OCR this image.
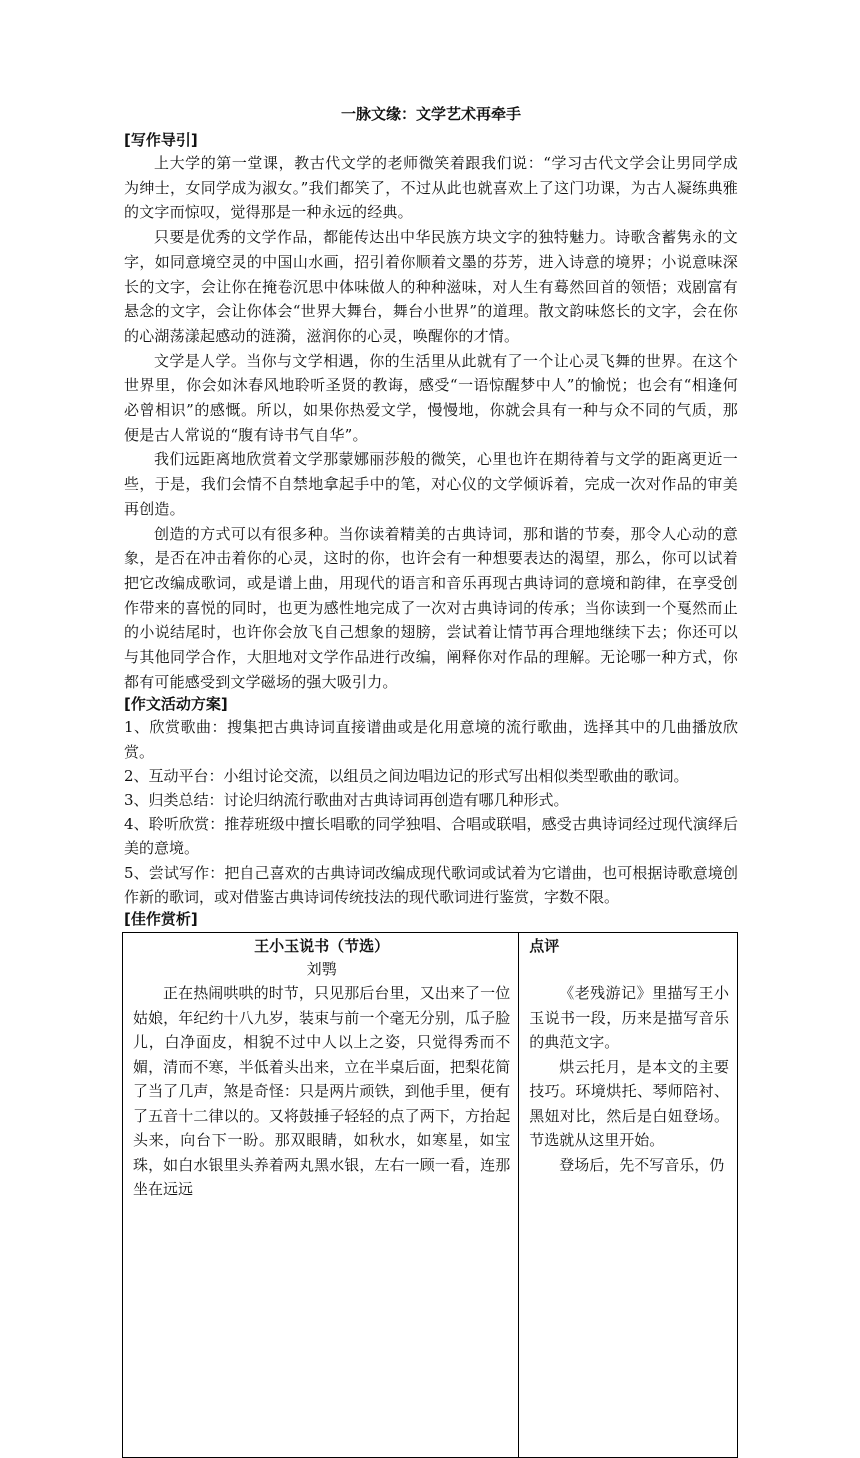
一脉文缘：文学艺术再牵手
[写作导引]

上大学的第一堂课，教古代文学的老师微笑着跟我们说：“学习古代文学会让男同学成为绅士，女同学成为淑女。”我们都笑了，不过从此也就喜欢上了这门功课，为古人凝练典雅的文字而惊叹，觉得那是一种永远的经典。

只要是优秀的文学作品，都能传达出中华民族方块文字的独特魅力。诗歌含蓄隽永的文字，如同意境空灵的中国山水画，招引着你顺着文墨的芬芳，进入诗意的境界；小说意味深长的文字，会让你在掩卷沉思中体味做人的种种滋味，对人生有蓦然回首的领悟；戏剧富有悬念的文字，会让你体会“世界大舞台，舞台小世界”的道理。散文韵味悠长的文字，会在你的心湖荡漾起感动的涟漪，滋润你的心灵，唤醒你的才情。

文学是人学。当你与文学相遇，你的生活里从此就有了一个让心灵飞舞的世界。在这个世界里，你会如沐春风地聆听圣贤的教诲，感受“一语惊醒梦中人”的愉悦；也会有“相逢何必曾相识”的感慨。所以，如果你热爱文学，慢慢地，你就会具有一种与众不同的气质，那便是古人常说的“腹有诗书气自华”。

我们远距离地欣赏着文学那蒙娜丽莎般的微笑，心里也许在期待着与文学的距离更近一些，于是，我们会情不自禁地拿起手中的笔，对心仪的文学倾诉着，完成一次对作品的审美再创造。

创造的方式可以有很多种。当你读着精美的古典诗词，那和谐的节奏，那令人心动的意象，是否在冲击着你的心灵，这时的你，也许会有一种想要表达的渴望，那么，你可以试着把它改编成歌词，或是谱上曲，用现代的语言和音乐再现古典诗词的意境和韵律，在享受创作带来的喜悦的同时，也更为感性地完成了一次对古典诗词的传承；当你读到一个戛然而止的小说结尾时，也许你会放飞自己想象的翅膀，尝试着让情节再合理地继续下去；你还可以与其他同学合作，大胆地对文学作品进行改编，阐释你对作品的理解。无论哪一种方式，你都有可能感受到文学磁场的强大吸引力。

[作文活动方案]

1、欣赏歌曲：搜集把古典诗词直接谱曲或是化用意境的流行歌曲，选择其中的几曲播放欣赏。

2、互动平台：小组讨论交流，以组员之间边唱边记的形式写出相似类型歌曲的歌词。

3、归类总结：讨论归纳流行歌曲对古典诗词再创造有哪几种形式。

4、聆听欣赏：推荐班级中擅长唱歌的同学独唱、合唱或联唱，感受古典诗词经过现代演绎后美的意境。

5、尝试写作：把自己喜欢的古典诗词改编成现代歌词或试着为它谱曲，也可根据诗歌意境创作新的歌词，或对借鉴古典诗词传统技法的现代歌词进行鉴赏，字数不限。

[佳作赏析]
王小玉说书（节选）
刘鹗

正在热闹哄哄的时节，只见那后台里，又出来了一位姑娘，年纪约十八九岁，装束与前一个毫无分别，瓜子脸儿，白净面皮，相貌不过中人以上之姿，只觉得秀而不媚，清而不寒，半低着头出来，立在半桌后面，把梨花简了当了几声，煞是奇怪：只是两片顽铁，到他手里，便有了五音十二律以的。又将鼓捶子轻轻的点了两下，方抬起头来，向台下一盼。那双眼睛，如秋水，如寒星，如宝珠，如白水银里头养着两丸黑水银，左右一顾一看，连那坐在远远

点评

《老残游记》里描写王小玉说书一段，历来是描写音乐的典范文字。

烘云托月，是本文的主要技巧。环境烘托、琴师陪衬、黑妞对比，然后是白妞登场。节选就从这里开始。

登场后，先不写音乐，仍
